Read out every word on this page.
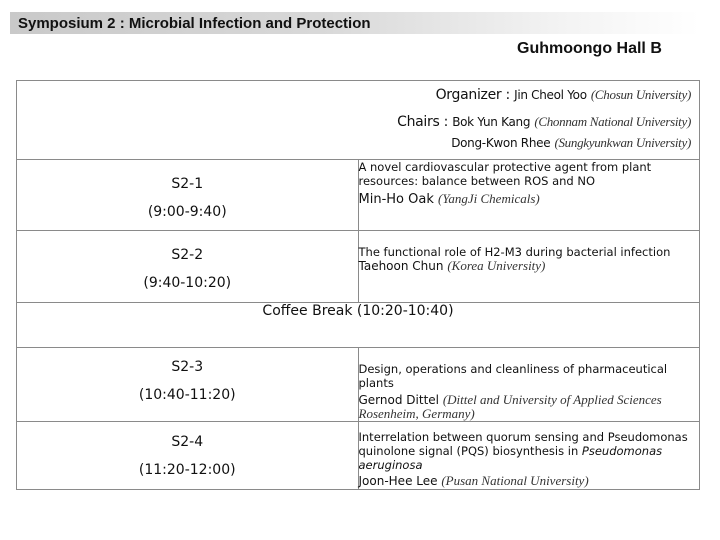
Symposium 2 : Microbial Infection and Protection
Guhmoongo Hall B
Organizer : Jin Cheol Yoo (Chosun University)
Chairs : Bok Yun Kang (Chonnam National University)
Dong-Kwon Rhee (Sungkyunkwan University)	

S2-1
(9:00-9:40)	A novel cardiovascular protective agent from plant resources: balance between ROS and NO
Min-Ho Oak (YangJi Chemicals)

S2-2
(9:40-10:20)	The functional role of H2-M3 during bacterial infection
Taehoon Chun (Korea University)

Coffee Break (10:20-10:40)	

S2-3
(10:40-11:20)	Design, operations and cleanliness of pharmaceutical plants
Gernod Dittel (Dittel and University of Applied Sciences Rosenheim, Germany)

S2-4
(11:20-12:00)	Interrelation between quorum sensing and Pseudomonas quinolone signal (PQS) biosynthesis in Pseudomonas aeruginosa
Joon-Hee Lee (Pusan National University)
